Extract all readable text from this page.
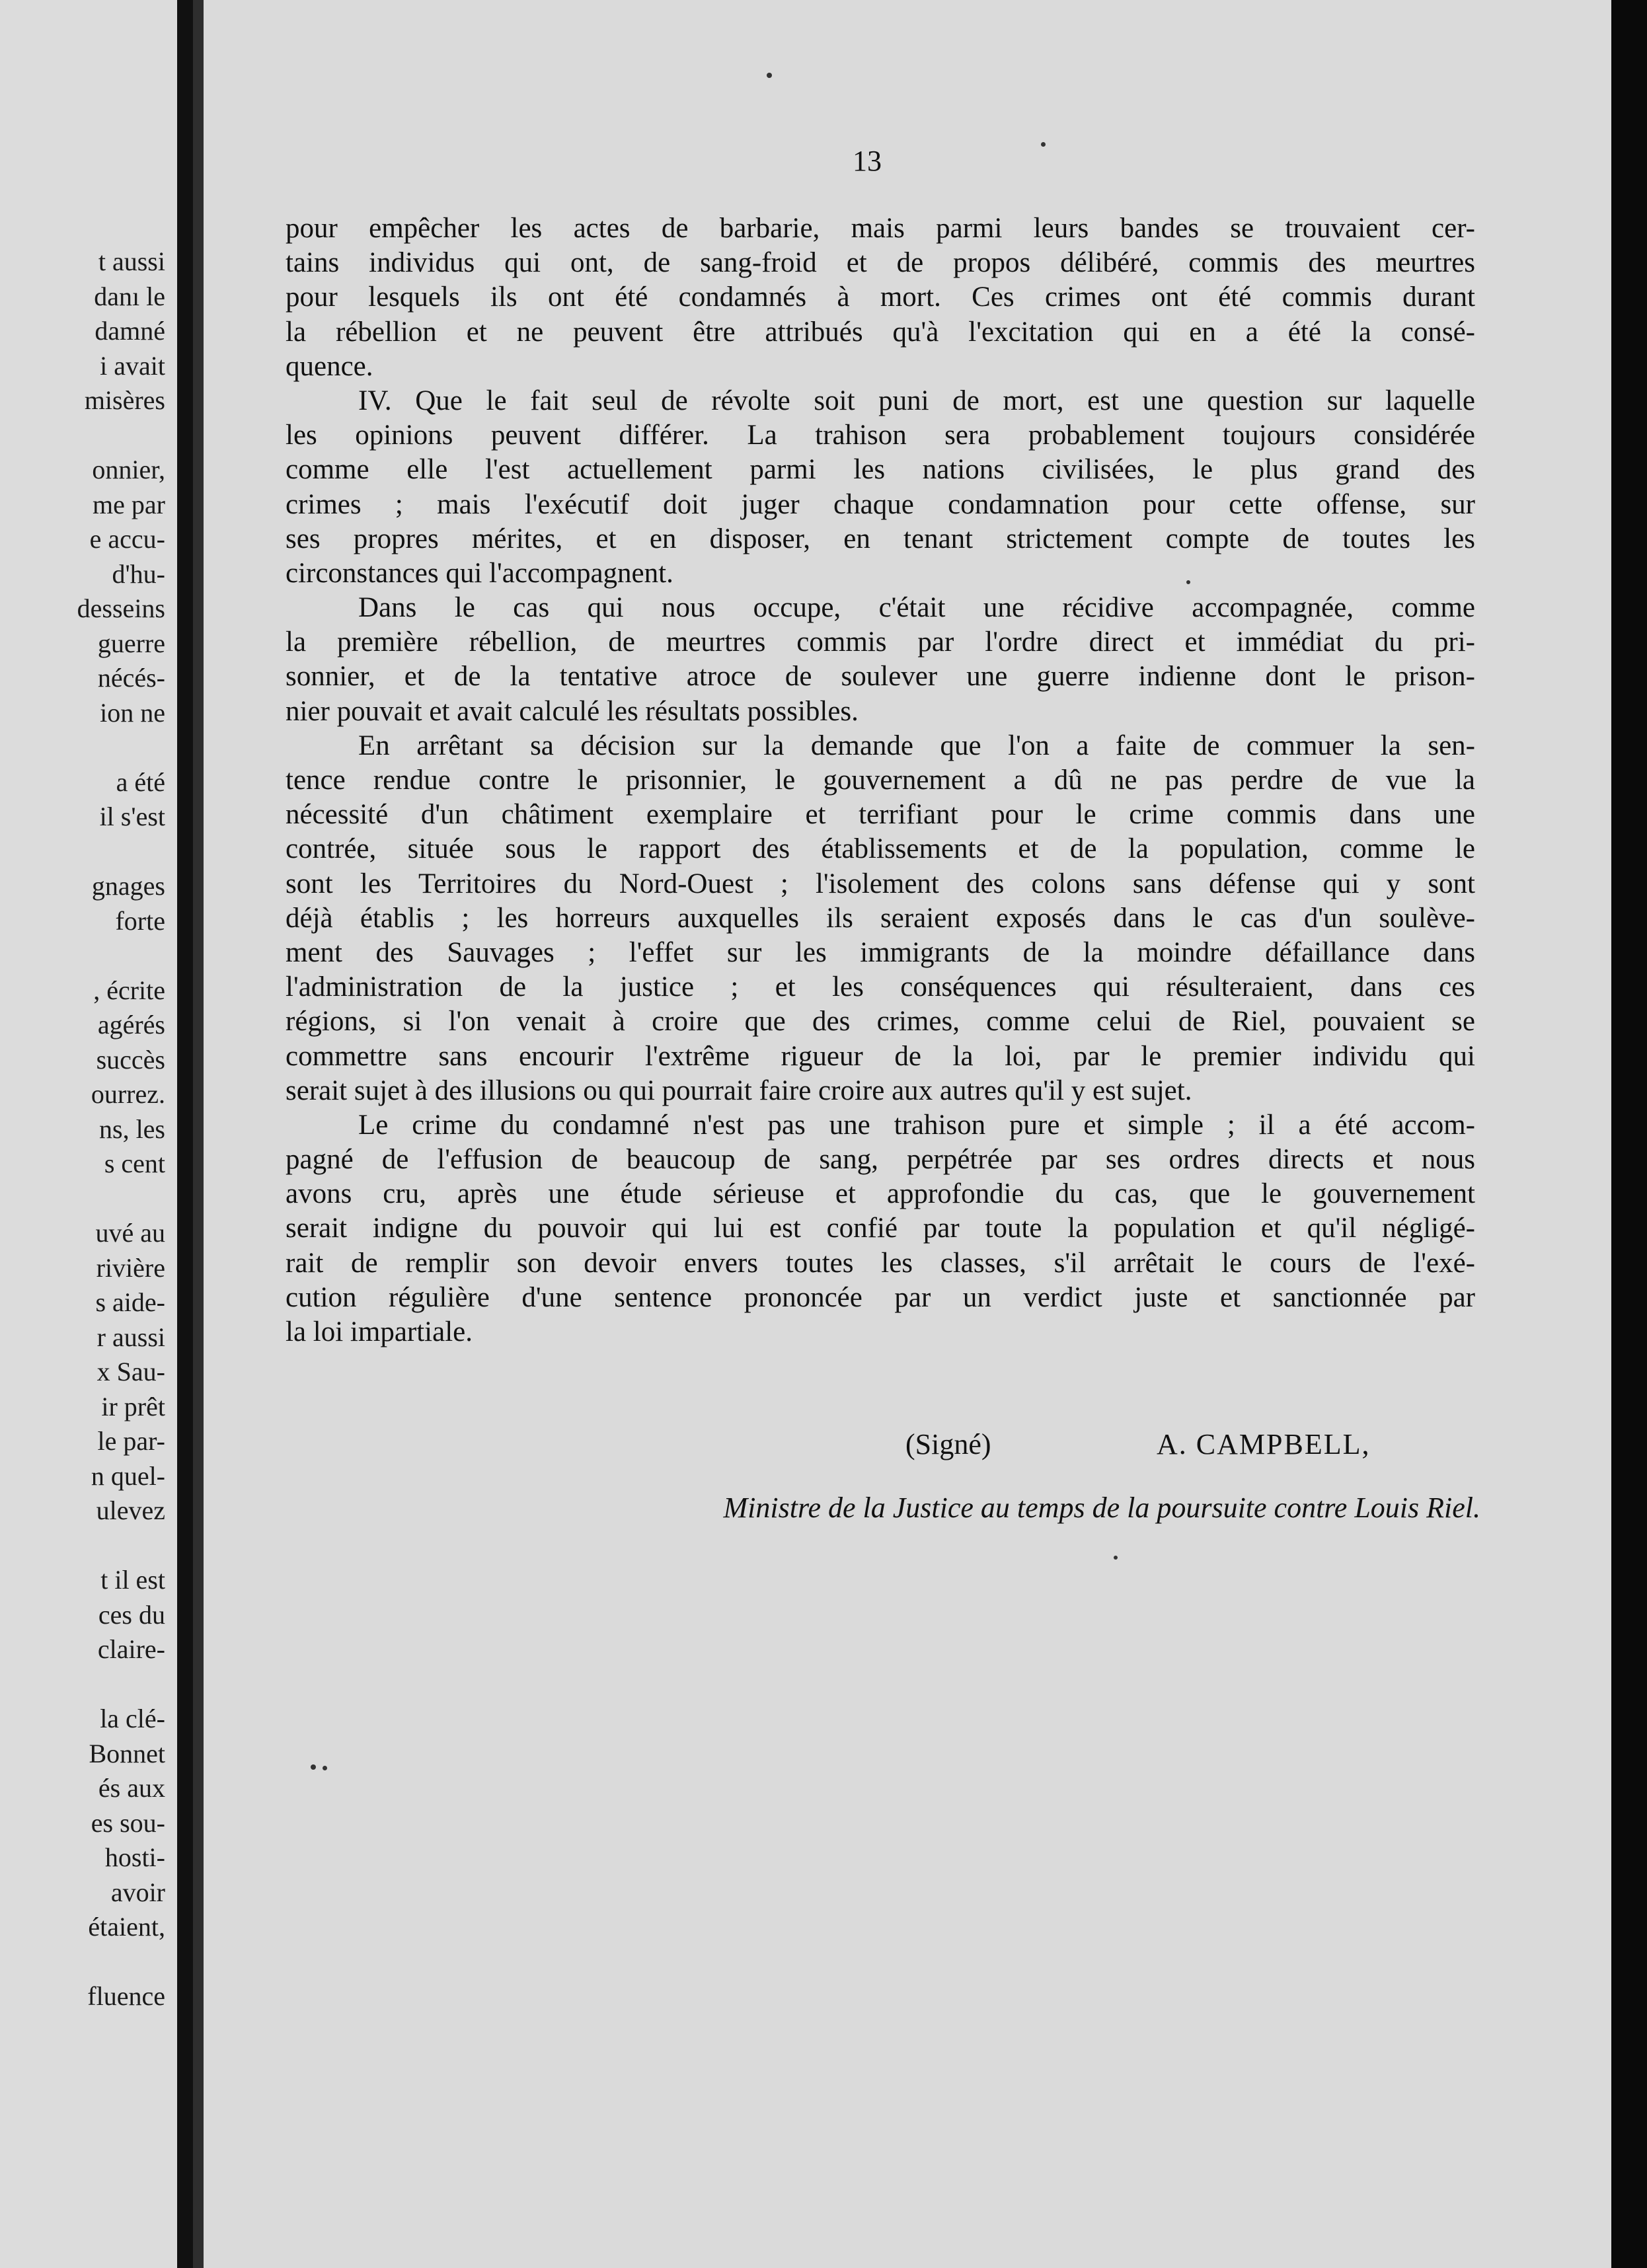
t aussi
danı le
damné
i avait
misères
onnier,
me par
e accu-
d'hu-
desseins
guerre
nécés-
ion ne
a été
il s'est
gnages
forte
, écrite
agérés
succès
ourrez.
ns, les
s cent
uvé au
rivière
s aide-
r aussi
x Sau-
ir prêt
le par-
n quel-
ulevez
t il est
ces du
claire-
la clé-
Bonnet
és aux
es sou-
hosti-
avoir
étaient,
fluence
13
pour empêcher les actes de barbarie, mais parmi leurs bandes se trouvaient cer-
tains individus qui ont, de sang-froid et de propos délibéré, commis des meurtres
pour lesquels ils ont été condamnés à mort. Ces crimes ont été commis durant
la rébellion et ne peuvent être attribués qu'à l'excitation qui en a été la consé-
quence.
IV. Que le fait seul de révolte soit puni de mort, est une question sur laquelle
les opinions peuvent différer. La trahison sera probablement toujours considérée
comme elle l'est actuellement parmi les nations civilisées, le plus grand des
crimes ; mais l'exécutif doit juger chaque condamnation pour cette offense, sur
ses propres mérites, et en disposer, en tenant strictement compte de toutes les
circonstances qui l'accompagnent.
Dans le cas qui nous occupe, c'était une récidive accompagnée, comme
la première rébellion, de meurtres commis par l'ordre direct et immédiat du pri-
sonnier, et de la tentative atroce de soulever une guerre indienne dont le prison-
nier pouvait et avait calculé les résultats possibles.
En arrêtant sa décision sur la demande que l'on a faite de commuer la sen-
tence rendue contre le prisonnier, le gouvernement a dû ne pas perdre de vue la
nécessité d'un châtiment exemplaire et terrifiant pour le crime commis dans une
contrée, située sous le rapport des établissements et de la population, comme le
sont les Territoires du Nord-Ouest ; l'isolement des colons sans défense qui y sont
déjà établis ; les horreurs auxquelles ils seraient exposés dans le cas d'un soulève-
ment des Sauvages ; l'effet sur les immigrants de la moindre défaillance dans
l'administration de la justice ; et les conséquences qui résulteraient, dans ces
régions, si l'on venait à croire que des crimes, comme celui de Riel, pouvaient se
commettre sans encourir l'extrême rigueur de la loi, par le premier individu qui
serait sujet à des illusions ou qui pourrait faire croire aux autres qu'il y est sujet.
Le crime du condamné n'est pas une trahison pure et simple ; il a été accom-
pagné de l'effusion de beaucoup de sang, perpétrée par ses ordres directs et nous
avons cru, après une étude sérieuse et approfondie du cas, que le gouvernement
serait indigne du pouvoir qui lui est confié par toute la population et qu'il négligé-
rait de remplir son devoir envers toutes les classes, s'il arrêtait le cours de l'exé-
cution régulière d'une sentence prononcée par un verdict juste et sanctionnée par
la loi impartiale.
(Signé)	A. CAMPBELL,
Ministre de la Justice au temps de la poursuite contre Louis Riel.
